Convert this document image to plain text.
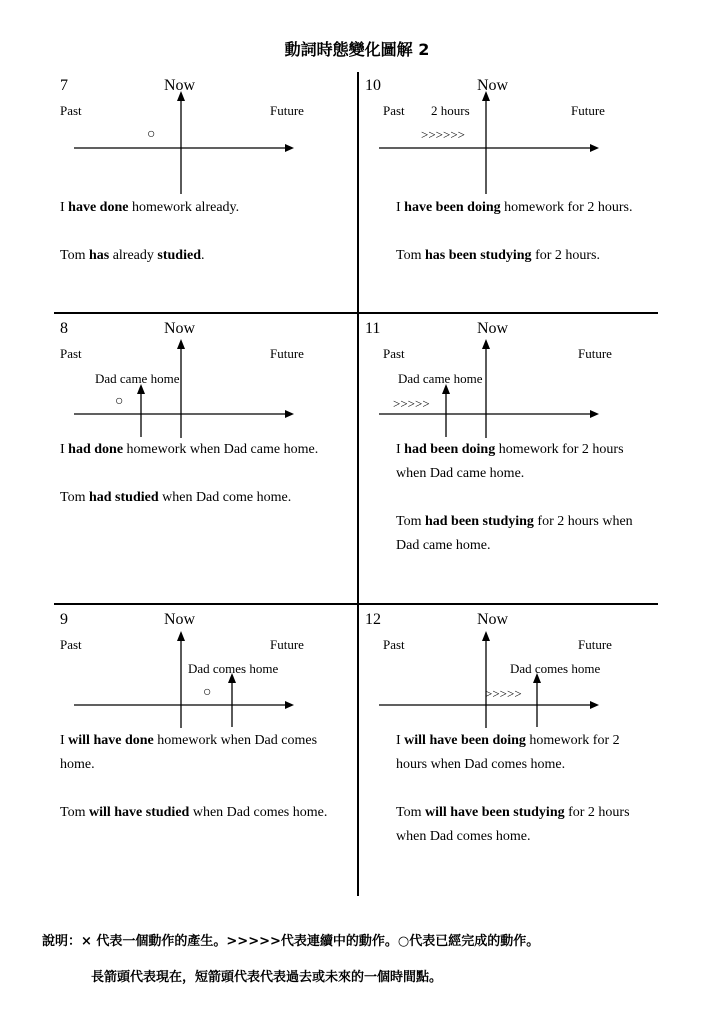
動詞時態變化圖解 2
7	Now
Past	Future
○
I have done homework already.
Tom has already studied.
10	Now
Past 2 hours	Future
>>>>>>
I have been doing homework for 2 hours.
Tom has been studying for 2 hours.
8	Now
Past	Future
Dad came home
○
I had done homework when Dad came home.
Tom had studied when Dad come home.
11	Now
Past	Future
Dad came home
>>>>>
I had been doing homework for 2 hours when Dad came home.
Tom had been studying for 2 hours when Dad came home.
9	Now
Past	Future
Dad comes home
○
I will have done homework when Dad comes home.
Tom will have studied when Dad comes home.
12	Now
Past	Future
Dad comes home
>>>>>
I will have been doing homework for 2 hours when Dad comes home.
Tom will have been studying for 2 hours when Dad comes home.
說明：× 代表一個動作的產生。>>>>>代表連續中的動作。○代表已經完成的動作。
長箭頭代表現在，短箭頭代表代表過去或未來的一個時間點。
